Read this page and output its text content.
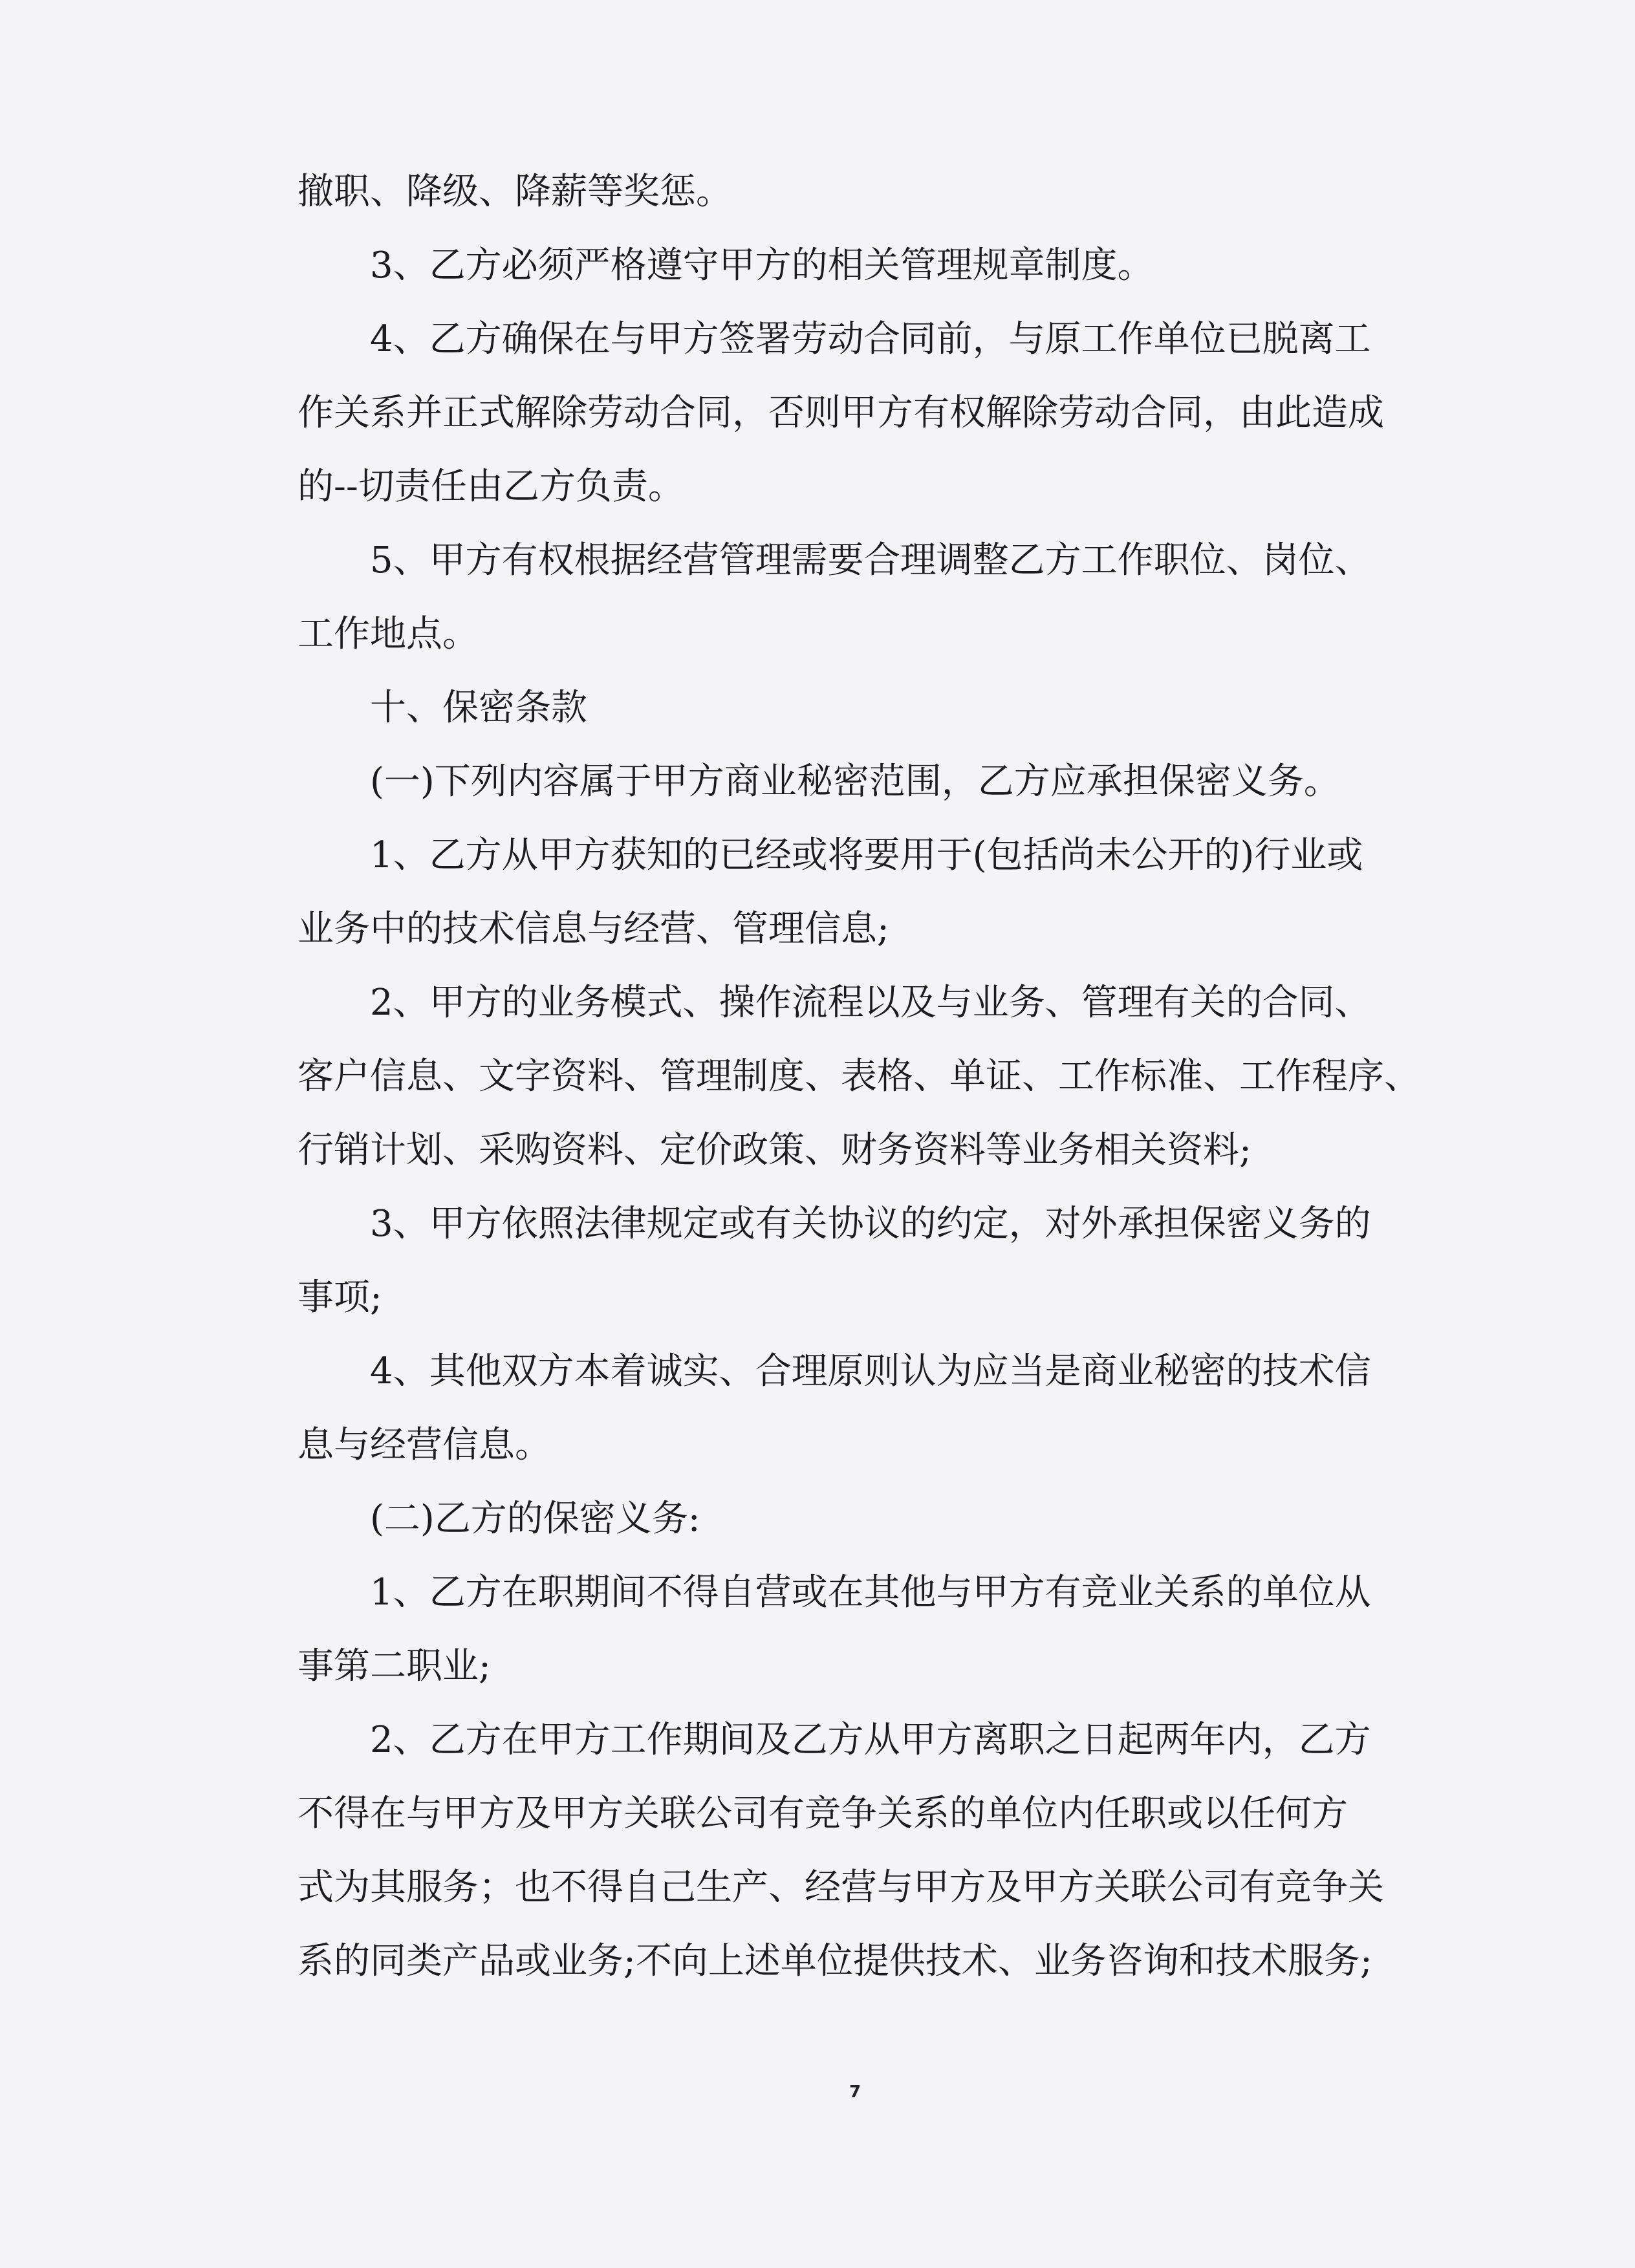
撤职、降级、降薪等奖惩。

3、乙方必须严格遵守甲方的相关管理规章制度。

4、乙方确保在与甲方签署劳动合同前，与原工作单位已脱离工

作关系并正式解除劳动合同，否则甲方有权解除劳动合同，由此造成

的--切责任由乙方负责。

5、甲方有权根据经营管理需要合理调整乙方工作职位、岗位、

工作地点。

十、保密条款

(一)下列内容属于甲方商业秘密范围，乙方应承担保密义务。

1、乙方从甲方获知的已经或将要用于(包括尚未公开的)行业或

业务中的技术信息与经营、管理信息;

2、甲方的业务模式、操作流程以及与业务、管理有关的合同、

客户信息、文字资料、管理制度、表格、单证、工作标准、工作程序、

行销计划、采购资料、定价政策、财务资料等业务相关资料;

3、甲方依照法律规定或有关协议的约定，对外承担保密义务的

事项;

4、其他双方本着诚实、合理原则认为应当是商业秘密的技术信

息与经营信息。

(二)乙方的保密义务:

1、乙方在职期间不得自营或在其他与甲方有竞业关系的单位从

事第二职业;

2、乙方在甲方工作期间及乙方从甲方离职之日起两年内，乙方

不得在与甲方及甲方关联公司有竞争关系的单位内任职或以任何方

式为其服务；也不得自己生产、经营与甲方及甲方关联公司有竞争关

系的同类产品或业务;不向上述单位提供技术、业务咨询和技术服务;

7
